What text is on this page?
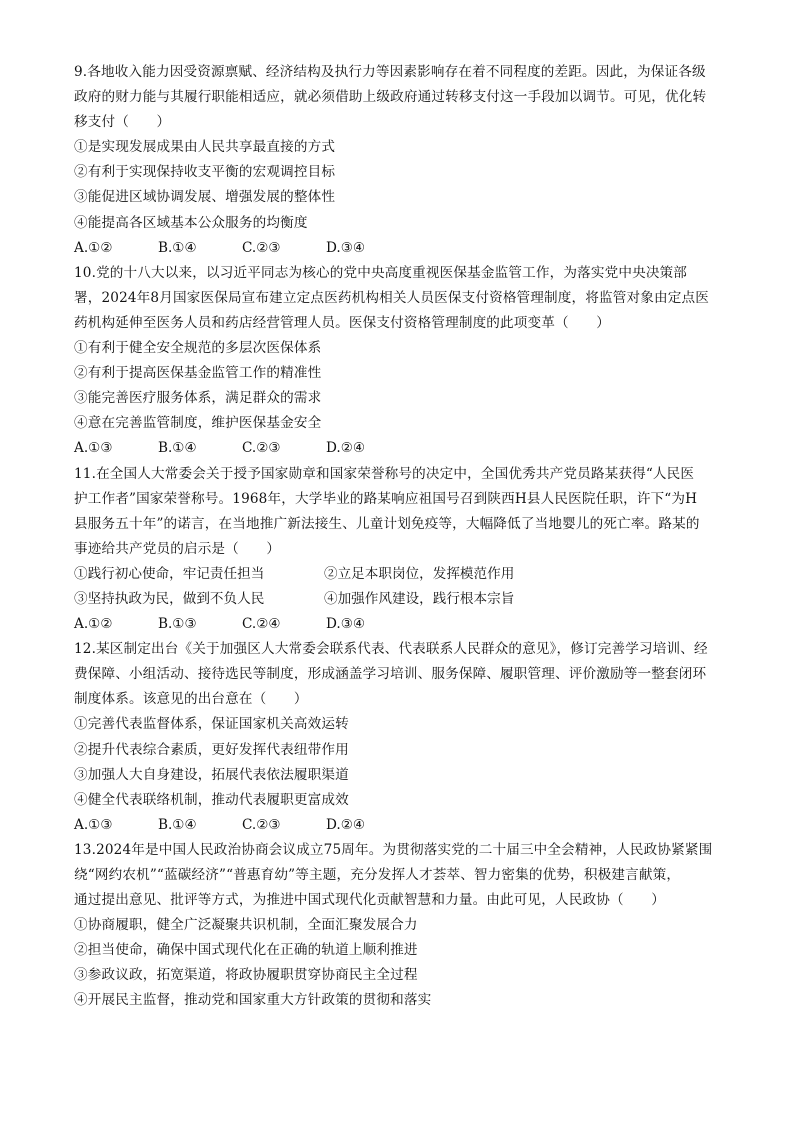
9.各地收入能力因受资源禀赋、经济结构及执行力等因素影响存在着不同程度的差距。因此，为保证各级
政府的财力能与其履行职能相适应，就必须借助上级政府通过转移支付这一手段加以调节。可见，优化转
移支付（　　）
①是实现发展成果由人民共享最直接的方式
②有利于实现保持收支平衡的宏观调控目标
③能促进区域协调发展、增强发展的整体性
④能提高各区域基本公众服务的均衡度
A.①②	B.①④	C.②③	D.③④
10.党的十八大以来，以习近平同志为核心的党中央高度重视医保基金监管工作，为落实党中央决策部
署，2024年8月国家医保局宣布建立定点医药机构相关人员医保支付资格管理制度，将监管对象由定点医
药机构延伸至医务人员和药店经营管理人员。医保支付资格管理制度的此项变革（　　）
①有利于健全安全规范的多层次医保体系
②有利于提高医保基金监管工作的精准性
③能完善医疗服务体系，满足群众的需求
④意在完善监管制度，维护医保基金安全
A.①③	B.①④	C.②③	D.②④
11.在全国人大常委会关于授予国家勋章和国家荣誉称号的决定中，全国优秀共产党员路某获得“人民医
护工作者”国家荣誉称号。1968年，大学毕业的路某响应祖国号召到陕西H县人民医院任职，许下“为H
县服务五十年”的诺言，在当地推广新法接生、儿童计划免疫等，大幅降低了当地婴儿的死亡率。路某的
事迹给共产党员的启示是（　　）
①践行初心使命，牢记责任担当	②立足本职岗位，发挥模范作用
③坚持执政为民，做到不负人民	④加强作风建设，践行根本宗旨
A.①②	B.①③	C.②④	D.③④
12.某区制定出台《关于加强区人大常委会联系代表、代表联系人民群众的意见》，修订完善学习培训、经
费保障、小组活动、接待选民等制度，形成涵盖学习培训、服务保障、履职管理、评价激励等一整套闭环
制度体系。该意见的出台意在（　　）
①完善代表监督体系，保证国家机关高效运转
②提升代表综合素质，更好发挥代表纽带作用
③加强人大自身建设，拓展代表依法履职渠道
④健全代表联络机制，推动代表履职更富成效
A.①③	B.①④	C.②③	D.②④
13.2024年是中国人民政治协商会议成立75周年。为贯彻落实党的二十届三中全会精神，人民政协紧紧围
绕“网约农机”“蓝碳经济”“普惠育幼”等主题，充分发挥人才荟萃、智力密集的优势，积极建言献策，
通过提出意见、批评等方式，为推进中国式现代化贡献智慧和力量。由此可见，人民政协（　　）
①协商履职，健全广泛凝聚共识机制，全面汇聚发展合力
②担当使命，确保中国式现代化在正确的轨道上顺利推进
③参政议政，拓宽渠道，将政协履职贯穿协商民主全过程
④开展民主监督，推动党和国家重大方针政策的贯彻和落实
